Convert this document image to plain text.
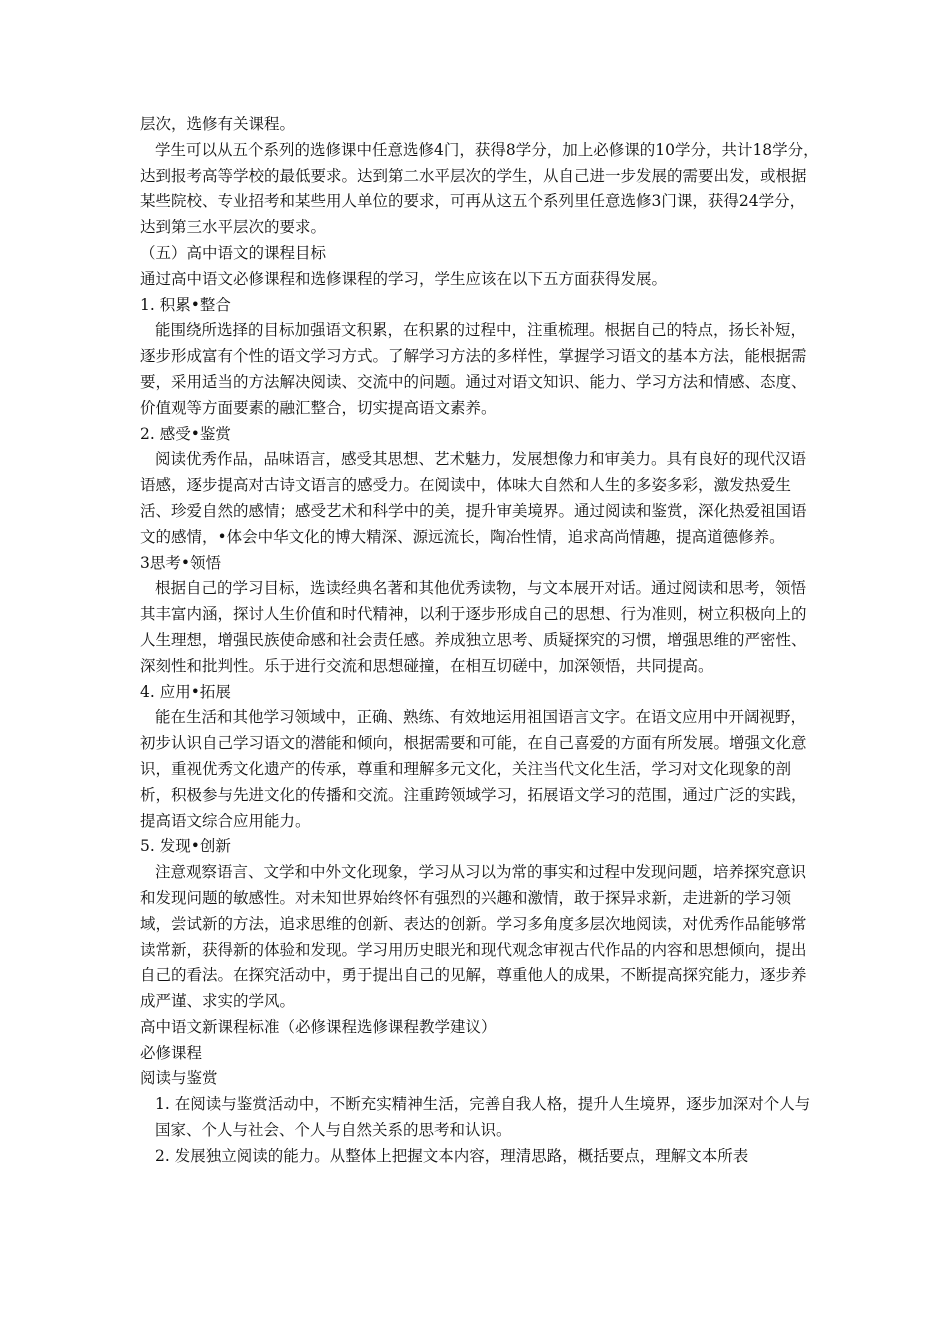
层次，选修有关课程。

学生可以从五个系列的选修课中任意选修4门，获得8学分，加上必修课的10学分，共计18学分，达到报考高等学校的最低要求。达到第二水平层次的学生，从自己进一步发展的需要出发，或根据某些院校、专业招考和某些用人单位的要求，可再从这五个系列里任意选修3门课，获得24学分，达到第三水平层次的要求。

（五）高中语文的课程目标

通过高中语文必修课程和选修课程的学习，学生应该在以下五方面获得发展。

1. 积累•整合

能围绕所选择的目标加强语文积累，在积累的过程中，注重梳理。根据自己的特点，扬长补短，逐步形成富有个性的语文学习方式。了解学习方法的多样性，掌握学习语文的基本方法，能根据需要，采用适当的方法解决阅读、交流中的问题。通过对语文知识、能力、学习方法和情感、态度、价值观等方面要素的融汇整合，切实提高语文素养。

2. 感受•鉴赏

阅读优秀作品，品味语言，感受其思想、艺术魅力，发展想像力和审美力。具有良好的现代汉语语感，逐步提高对古诗文语言的感受力。在阅读中，体味大自然和人生的多姿多彩，激发热爱生活、珍爱自然的感情；感受艺术和科学中的美，提升审美境界。通过阅读和鉴赏，深化热爱祖国语文的感情，•体会中华文化的博大精深、源远流长，陶冶性情，追求高尚情趣，提高道德修养。

3思考•领悟

根据自己的学习目标，选读经典名著和其他优秀读物，与文本展开对话。通过阅读和思考，领悟其丰富内涵，探讨人生价值和时代精神，以利于逐步形成自己的思想、行为准则，树立积极向上的人生理想，增强民族使命感和社会责任感。养成独立思考、质疑探究的习惯，增强思维的严密性、深刻性和批判性。乐于进行交流和思想碰撞，在相互切磋中，加深领悟，共同提高。

4. 应用•拓展

能在生活和其他学习领域中，正确、熟练、有效地运用祖国语言文字。在语文应用中开阔视野，初步认识自己学习语文的潜能和倾向，根据需要和可能，在自己喜爱的方面有所发展。增强文化意识，重视优秀文化遗产的传承，尊重和理解多元文化，关注当代文化生活，学习对文化现象的剖析，积极参与先进文化的传播和交流。注重跨领域学习，拓展语文学习的范围，通过广泛的实践，提高语文综合应用能力。

5. 发现•创新

注意观察语言、文学和中外文化现象，学习从习以为常的事实和过程中发现问题，培养探究意识和发现问题的敏感性。对未知世界始终怀有强烈的兴趣和激情，敢于探异求新，走进新的学习领域，尝试新的方法，追求思维的创新、表达的创新。学习多角度多层次地阅读，对优秀作品能够常读常新，获得新的体验和发现。学习用历史眼光和现代观念审视古代作品的内容和思想倾向，提出自己的看法。在探究活动中，勇于提出自己的见解，尊重他人的成果，不断提高探究能力，逐步养成严谨、求实的学风。

高中语文新课程标准（必修课程选修课程教学建议）

必修课程

阅读与鉴赏

1. 在阅读与鉴赏活动中，不断充实精神生活，完善自我人格，提升人生境界，逐步加深对个人与国家、个人与社会、个人与自然关系的思考和认识。

2. 发展独立阅读的能力。从整体上把握文本内容，理清思路，概括要点，理解文本所表
